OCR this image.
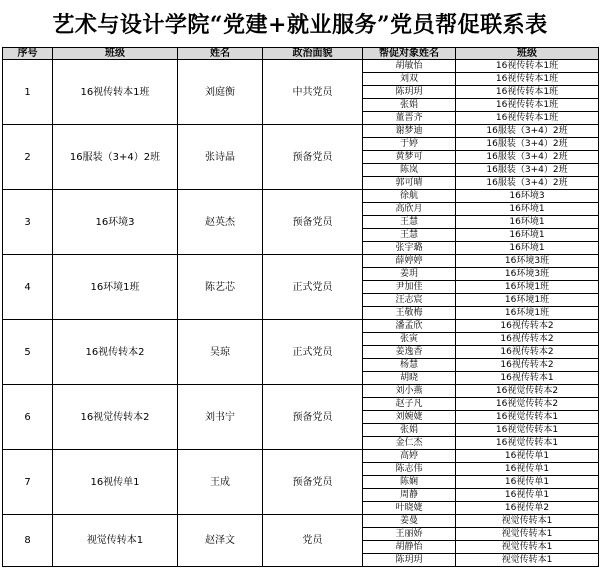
艺术与设计学院“党建+就业服务”党员帮促联系表
序号	班级	姓名	政治面貌	帮促对象姓名	班级
1	16视传转本1班	刘庭衡	中共党员	胡敏怡	16视传转本1班
				刘双	16视传转本1班
				陈玥玥	16视传转本1班
				张娟	16视传转本1班
				董晋齐	16视传转本1班
2	16服装（3+4）2班	张诗晶	预备党员	谢梦迪	16服装（3+4）2班
				于婷	16服装（3+4）2班
				黄梦可	16服装（3+4）2班
				陈岚	16服装（3+4）2班
				郭可晴	16服装（3+4）2班
3	16环境3	赵英杰	预备党员	徐航	16环境3
				高欣月	16环境1
				王慧	16环境1
				王慧	16环境1
				张宇璐	16环境1
4	16环境1班	陈艺芯	正式党员	薛婷婷	16环境3班
				姜玥	16环境3班
				尹加佳	16环境1班
				汪志宸	16环境1班
				王敬梅	16环境1班
5	16视传转本2	吴琼	正式党员	潘孟欣	16视传转本2
				张寅	16视传转本2
				姜逸香	16视传转本2
				杨慧	16视传转本2
				胡晓	16视传转本1
6	16视觉传转本2	刘书宁	预备党员	刘小燕	16视觉传转本2
				赵子凡	16视觉传转本2
				刘婉婕	16视觉传转本1
				张娟	16视觉传转本1
				金仁杰	16视觉传转本1
7	16视传单1	王成	预备党员	高婷	16视传单1
				陈志伟	16视传单1
				陈娴	16视传单1
				周静	16视传单1
				叶晓婕	16视传单2
8	视觉传转本1	赵泽文	党员	姜曼	视觉传转本1
				王丽娇	视觉传转本1
				胡静怡	视觉传转本1
				陈玥玥	视觉传转本1
